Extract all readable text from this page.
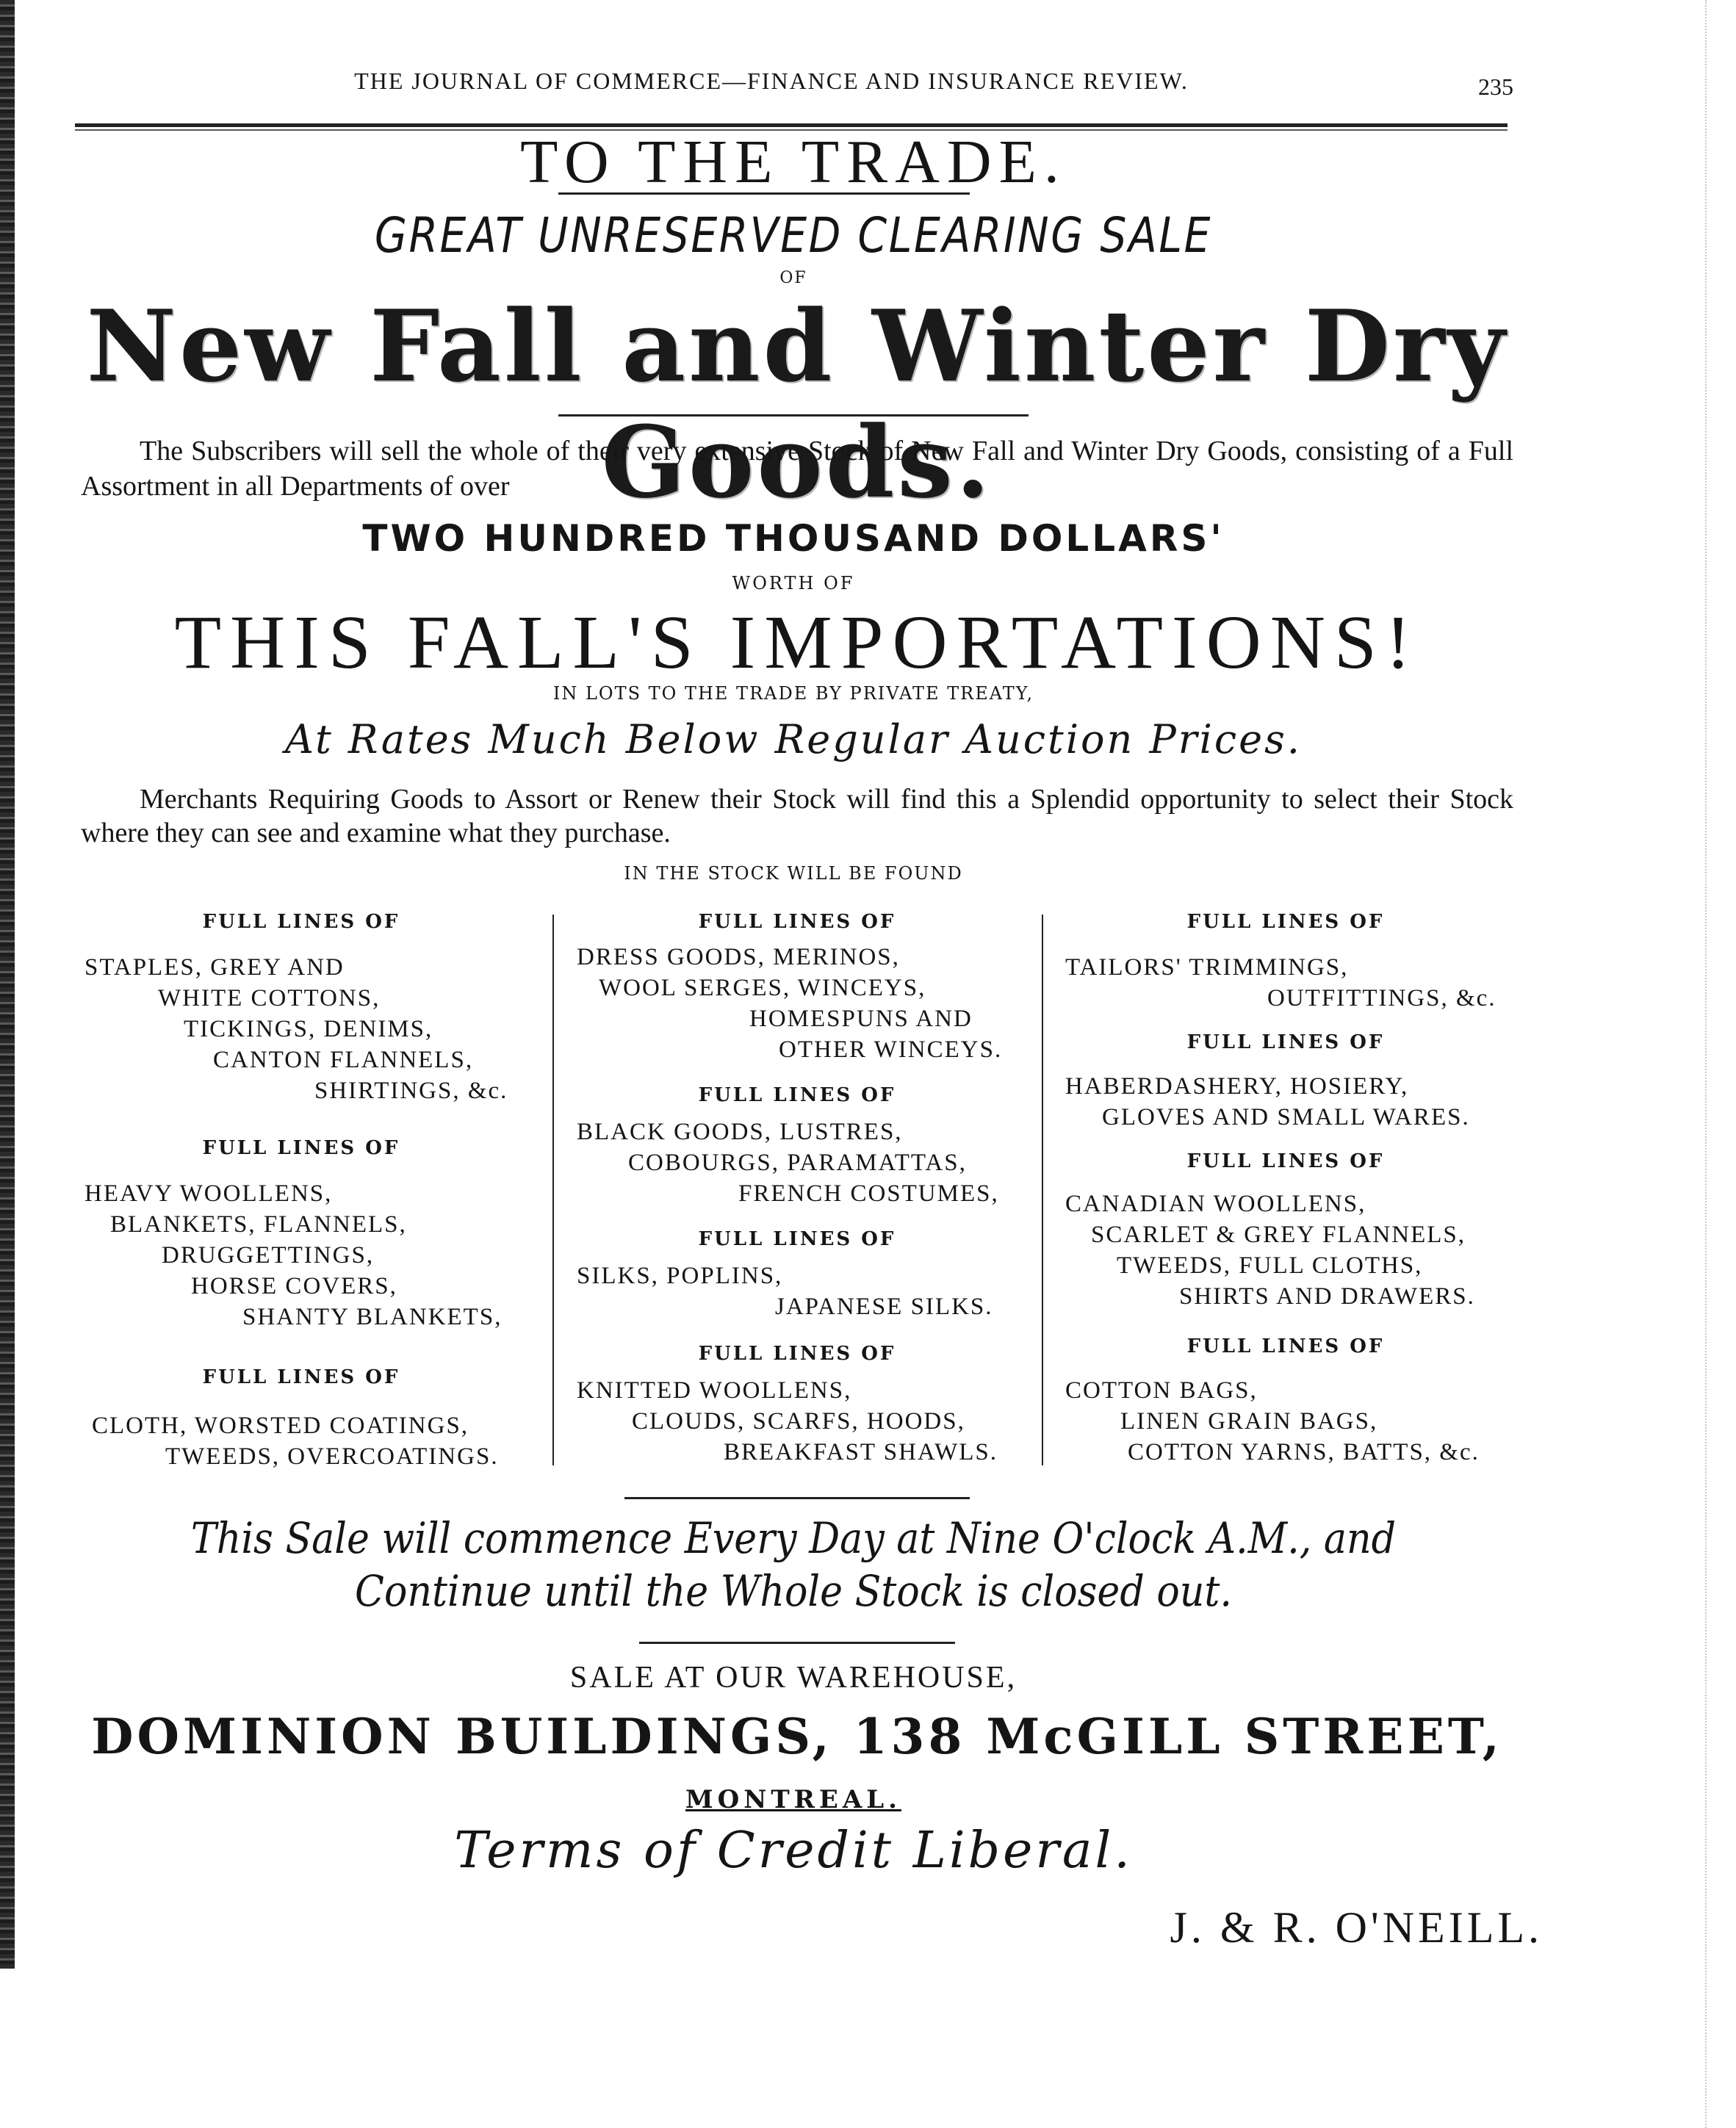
THE JOURNAL OF COMMERCE—FINANCE AND INSURANCE REVIEW.	235
TO THE TRADE.
GREAT UNRESERVED CLEARING SALE
OF
New Fall and Winter Dry Goods.
The Subscribers will sell the whole of their very extensive Stock of New Fall and Winter Dry Goods, consisting of a Full Assortment in all Departments of over
TWO HUNDRED THOUSAND DOLLARS'
WORTH OF
THIS FALL'S IMPORTATIONS!
IN LOTS TO THE TRADE BY PRIVATE TREATY,
At Rates Much Below Regular Auction Prices.
Merchants Requiring Goods to Assort or Renew their Stock will find this a Splendid opportunity to select their Stock where they can see and examine what they purchase.
IN THE STOCK WILL BE FOUND
FULL LINES OF
STAPLES, GREY AND
WHITE COTTONS,
TICKINGS, DENIMS,
CANTON FLANNELS,
SHIRTINGS, &c.
FULL LINES OF
HEAVY WOOLLENS,
BLANKETS, FLANNELS,
DRUGGETTINGS,
HORSE COVERS,
SHANTY BLANKETS,
FULL LINES OF
CLOTH, WORSTED COATINGS,
TWEEDS, OVERCOATINGS.
FULL LINES OF
DRESS GOODS, MERINOS,
WOOL SERGES, WINCEYS,
HOMESPUNS AND
OTHER WINCEYS.
FULL LINES OF
BLACK GOODS, LUSTRES,
COBOURGS, PARAMATTAS,
FRENCH COSTUMES,
FULL LINES OF
SILKS, POPLINS,
JAPANESE SILKS.
FULL LINES OF
KNITTED WOOLLENS,
CLOUDS, SCARFS, HOODS,
BREAKFAST SHAWLS.
FULL LINES OF
TAILORS' TRIMMINGS,
OUTFITTINGS, &c.
FULL LINES OF
HABERDASHERY, HOSIERY,
GLOVES AND SMALL WARES.
FULL LINES OF
CANADIAN WOOLLENS,
SCARLET & GREY FLANNELS,
TWEEDS, FULL CLOTHS,
SHIRTS AND DRAWERS.
FULL LINES OF
COTTON BAGS,
LINEN GRAIN BAGS,
COTTON YARNS, BATTS, &c.
This Sale will commence Every Day at Nine O'clock A.M., and
Continue until the Whole Stock is closed out.
SALE AT OUR WAREHOUSE,
DOMINION BUILDINGS, 138 McGILL STREET,
MONTREAL.
Terms of Credit Liberal.
J. & R. O'NEILL.
